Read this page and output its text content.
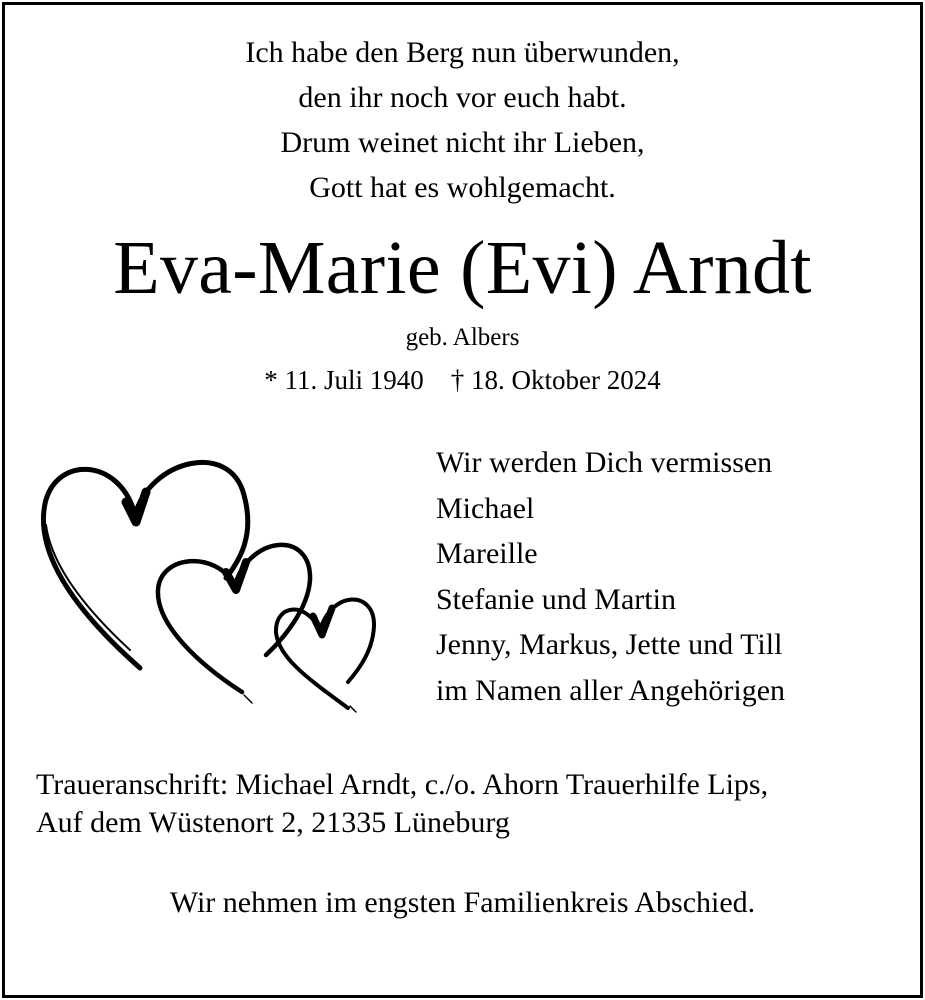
Ich habe den Berg nun überwunden,
den ihr noch vor euch habt.
Drum weinet nicht ihr Lieben,
Gott hat es wohlgemacht.
Eva-Marie (Evi) Arndt
geb. Albers
* 11. Juli 1940 † 18. Oktober 2024
Wir werden Dich vermissen
Michael
Mareille
Stefanie und Martin
Jenny, Markus, Jette und Till
im Namen aller Angehörigen
Traueranschrift: Michael Arndt, c./o. Ahorn Trauerhilfe Lips,
Auf dem Wüstenort 2, 21335 Lüneburg
Wir nehmen im engsten Familienkreis Abschied.
